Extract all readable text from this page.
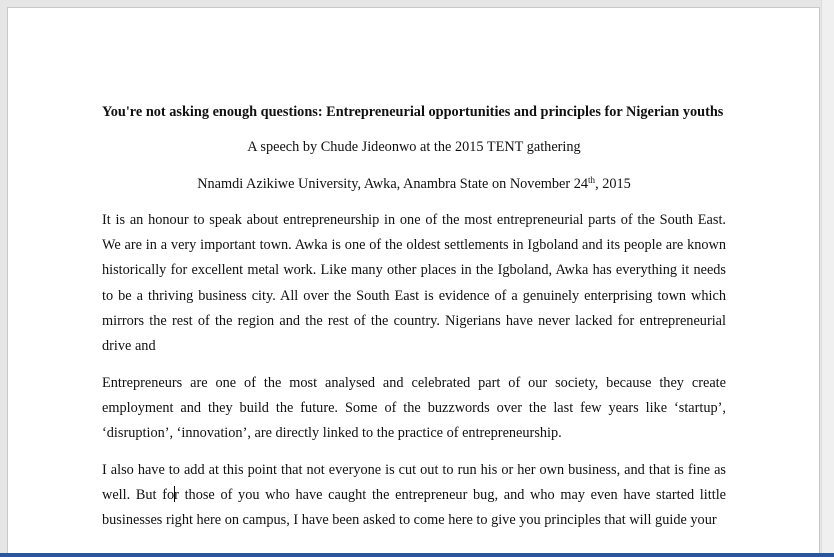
You're not asking enough questions: Entrepreneurial opportunities and principles for Nigerian youths

A speech by Chude Jideonwo at the 2015 TENT gathering

Nnamdi Azikiwe University, Awka, Anambra State on November 24th, 2015

It is an honour to speak about entrepreneurship in one of the most entrepreneurial parts of the South East. We are in a very important town. Awka is one of the oldest settlements in Igboland and its people are known historically for excellent metal work. Like many other places in the Igboland, Awka has everything it needs to be a thriving business city. All over the South East is evidence of a genuinely enterprising town which mirrors the rest of the region and the rest of the country. Nigerians have never lacked for entrepreneurial drive and

Entrepreneurs are one of the most analysed and celebrated part of our society, because they create employment and they build the future. Some of the buzzwords over the last few years like ‘startup’, ‘disruption’, ‘innovation’, are directly linked to the practice of entrepreneurship.

I also have to add at this point that not everyone is cut out to run his or her own business, and that is fine as well. But for those of you who have caught the entrepreneur bug, and who may even have started little businesses right here on campus, I have been asked to come here to give you principles that will guide your
